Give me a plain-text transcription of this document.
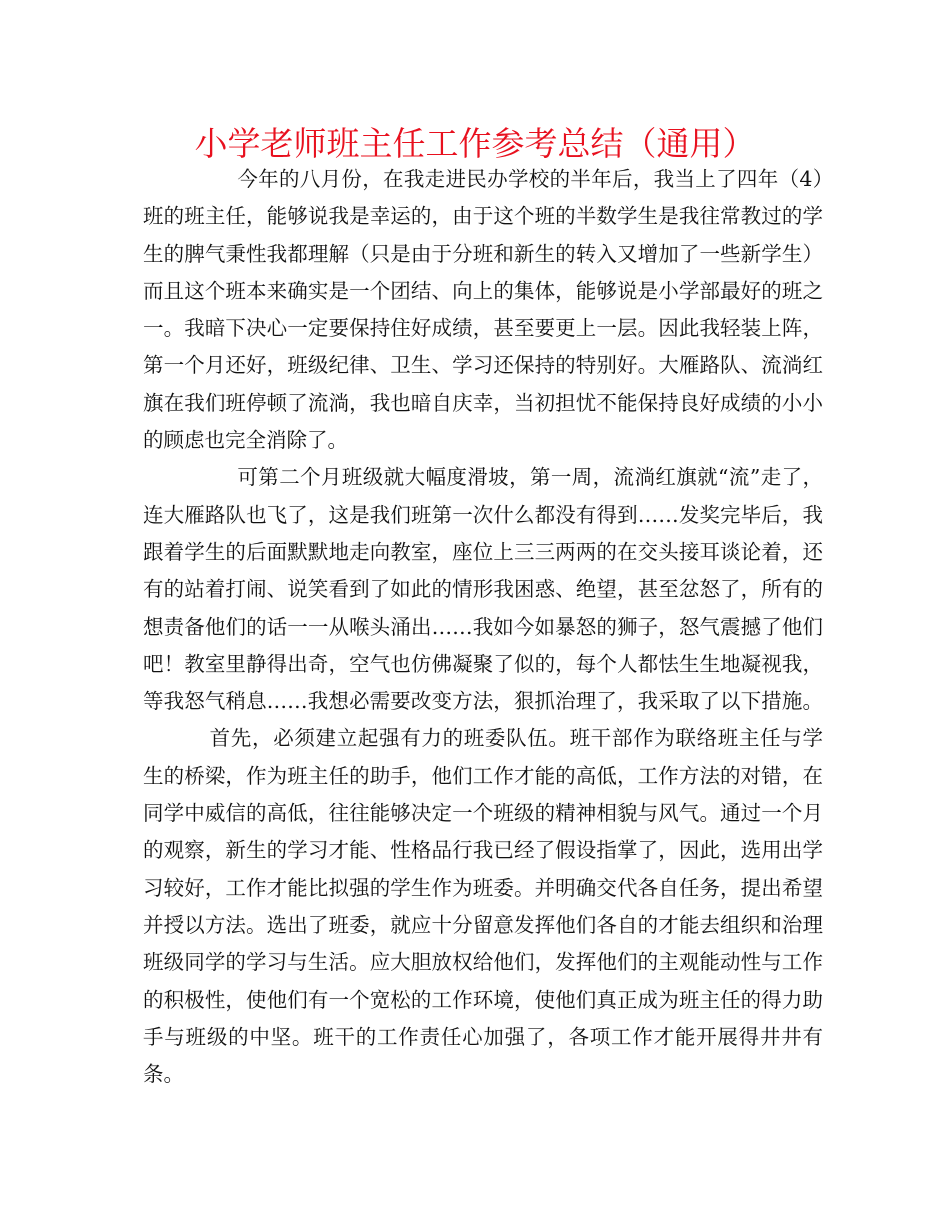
小学老师班主任工作参考总结（通用）

今年的八月份，在我走进民办学校的半年后，我当上了四年（4）班的班主任，能够说我是幸运的，由于这个班的半数学生是我往常教过的学生的脾气秉性我都理解（只是由于分班和新生的转入又增加了一些新学生）而且这个班本来确实是一个团结、向上的集体，能够说是小学部最好的班之一。我暗下决心一定要保持住好成绩，甚至要更上一层。因此我轻装上阵，第一个月还好，班级纪律、卫生、学习还保持的特别好。大雁路队、流淌红旗在我们班停顿了流淌，我也暗自庆幸，当初担忧不能保持良好成绩的小小的顾虑也完全消除了。

可第二个月班级就大幅度滑坡，第一周，流淌红旗就“流”走了，连大雁路队也飞了，这是我们班第一次什么都没有得到……发奖完毕后，我跟着学生的后面默默地走向教室，座位上三三两两的在交头接耳谈论着，还有的站着打闹、说笑看到了如此的情形我困惑、绝望，甚至忿怒了，所有的想责备他们的话一一从喉头涌出……我如今如暴怒的狮子，怒气震撼了他们吧！教室里静得出奇，空气也仿佛凝聚了似的，每个人都怯生生地凝视我，等我怒气稍息……我想必需要改变方法，狠抓治理了，我采取了以下措施。首先，必须建立起强有力的班委队伍。班干部作为联络班主任与学生的桥梁，作为班主任的助手，他们工作才能的高低，工作方法的对错，在同学中威信的高低，往往能够决定一个班级的精神相貌与风气。通过一个月的观察，新生的学习才能、性格品行我已经了假设指掌了，因此，选用出学习较好，工作才能比拟强的学生作为班委。并明确交代各自任务，提出希望并授以方法。选出了班委，就应十分留意发挥他们各自的才能去组织和治理班级同学的学习与生活。应大胆放权给他们，发挥他们的主观能动性与工作的积极性，使他们有一个宽松的工作环境，使他们真正成为班主任的得力助手与班级的中坚。班干的工作责任心加强了，各项工作才能开展得井井有条。
